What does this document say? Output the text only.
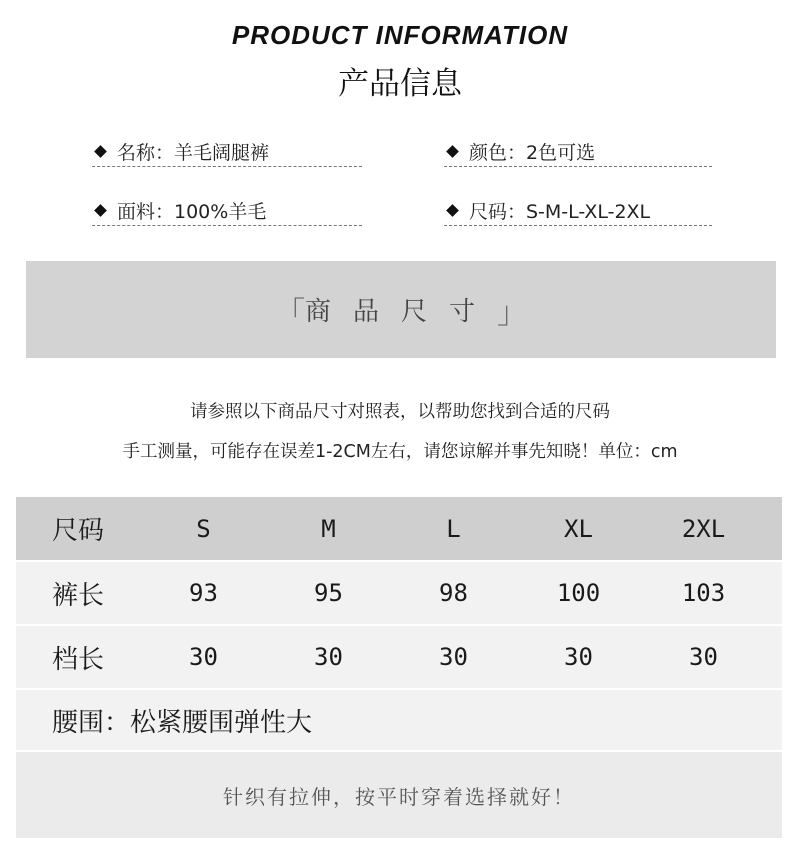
PRODUCT INFORMATION
产品信息
名称：羊毛阔腿裤	颜色：2色可选
面料：100%羊毛	尺码：S-M-L-XL-2XL
「 商品尺寸 」
请参照以下商品尺寸对照表，以帮助您找到合适的尺码
手工测量，可能存在误差1-2CM左右，请您谅解并事先知晓！单位：cm
尺码	S	M	L	XL	2XL
裤长	93	95	98	100	103
档长	30	30	30	30	30
腰围：松紧腰围弹性大
针织有拉伸，按平时穿着选择就好！
